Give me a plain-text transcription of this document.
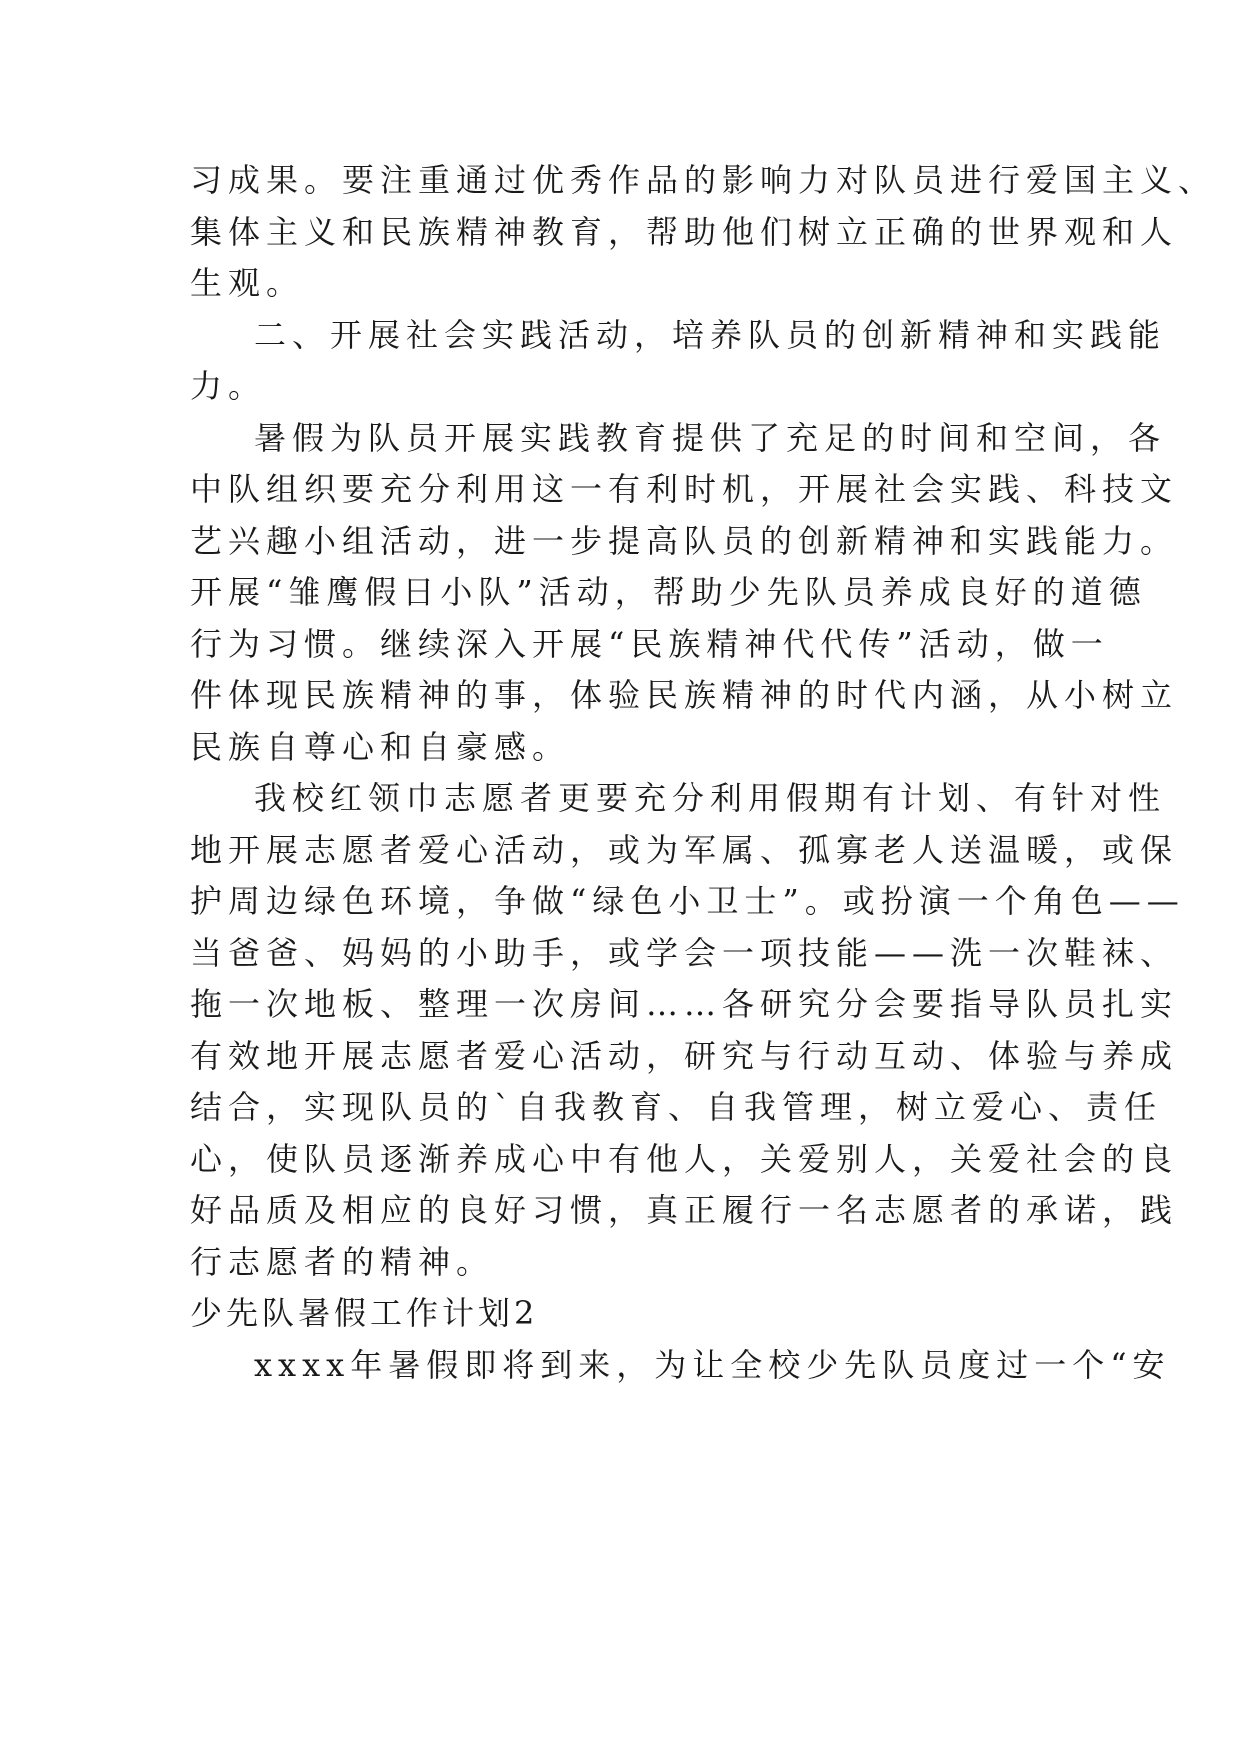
习成果。要注重通过优秀作品的影响力对队员进行爱国主义、
集体主义和民族精神教育，帮助他们树立正确的世界观和人
生观。
二、开展社会实践活动，培养队员的创新精神和实践能
力。
暑假为队员开展实践教育提供了充足的时间和空间，各
中队组织要充分利用这一有利时机，开展社会实践、科技文
艺兴趣小组活动，进一步提高队员的创新精神和实践能力。
开展“雏鹰假日小队”活动，帮助少先队员养成良好的道德
行为习惯。继续深入开展“民族精神代代传”活动，做一
件体现民族精神的事，体验民族精神的时代内涵，从小树立
民族自尊心和自豪感。
我校红领巾志愿者更要充分利用假期有计划、有针对性
地开展志愿者爱心活动，或为军属、孤寡老人送温暖，或保
护周边绿色环境，争做“绿色小卫士”。或扮演一个角色——
当爸爸、妈妈的小助手，或学会一项技能——洗一次鞋袜、
拖一次地板、整理一次房间……各研究分会要指导队员扎实
有效地开展志愿者爱心活动，研究与行动互动、体验与养成
结合，实现队员的`自我教育、自我管理，树立爱心、责任
心，使队员逐渐养成心中有他人，关爱别人，关爱社会的良
好品质及相应的良好习惯，真正履行一名志愿者的承诺，践
行志愿者的精神。
少先队暑假工作计划2
xxxx年暑假即将到来，为让全校少先队员度过一个“安
